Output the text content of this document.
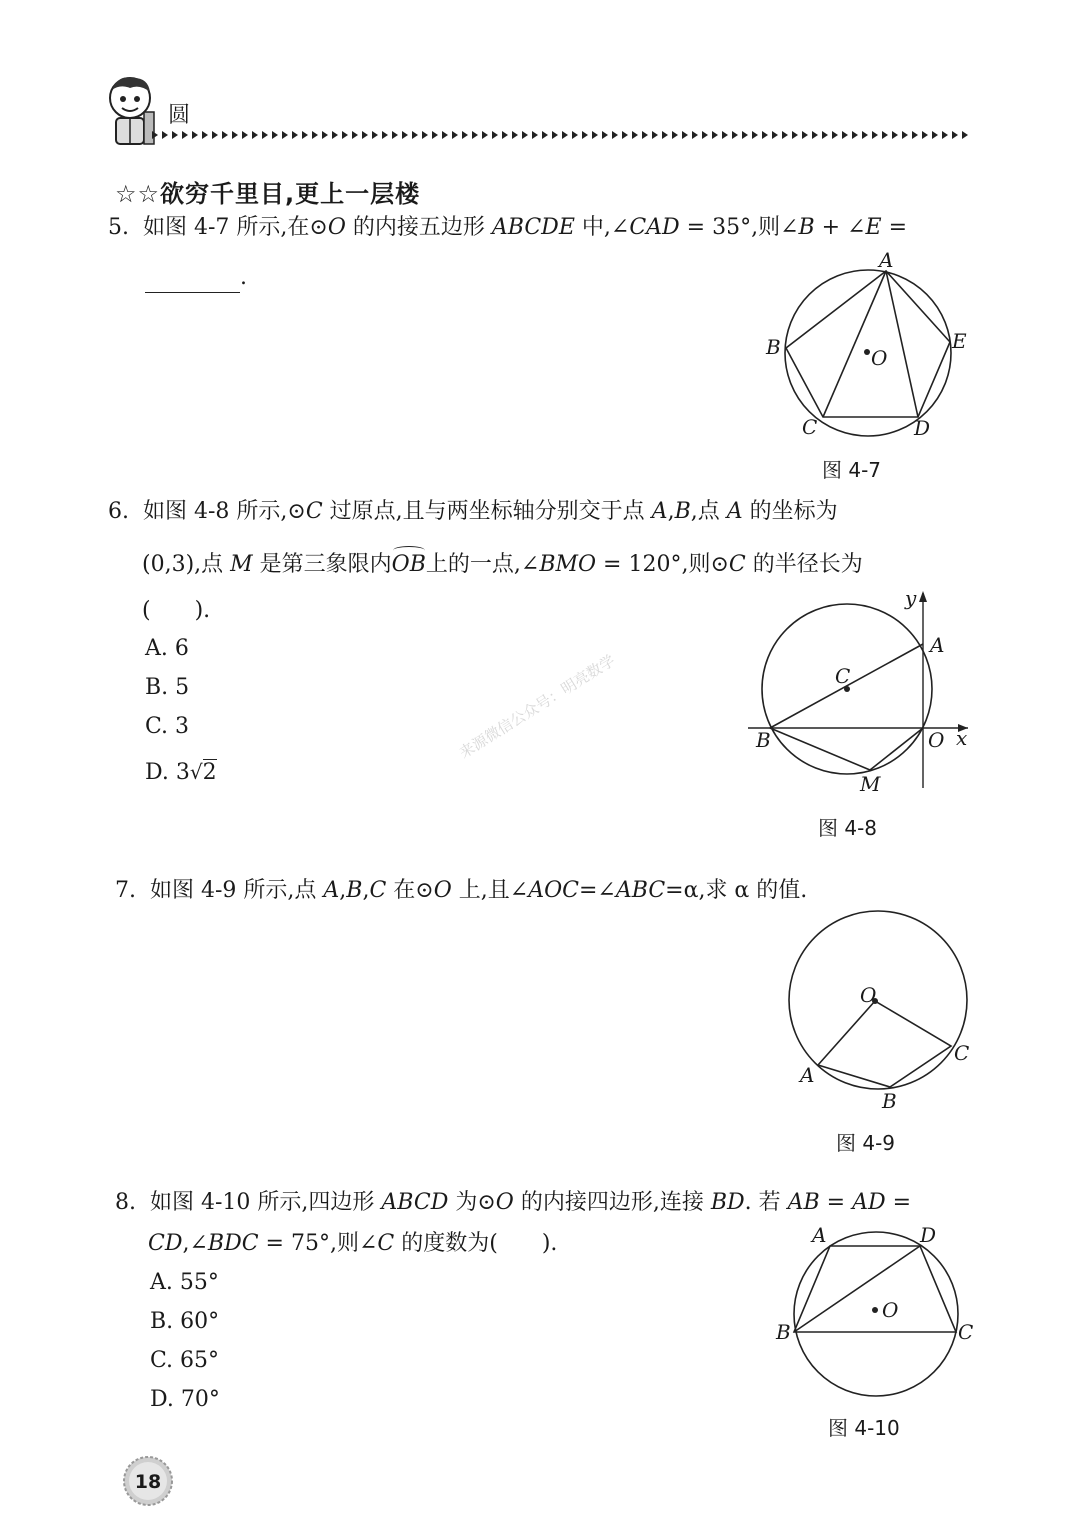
圆
☆☆欲穷千里目,更上一层楼
5. 如图 4-7 所示,在⊙O 的内接五边形 ABCDE 中,∠CAD = 35°,则∠B + ∠E =
.
A
B
C	D
E
O
图 4-7
6. 如图 4-8 所示,⊙C 过原点,且与两坐标轴分别交于点 A,B,点 A 的坐标为
(0,3),点 M 是第三象限内OB上的一点,∠BMO = 120°,则⊙C 的半径长为
(　　).
A. 6
B. 5
C. 3
D. 3√2
y
A
C
B	O x
M
图 4-8
来源微信公众号：明亮数学
7. 如图 4-9 所示,点 A,B,C 在⊙O 上,且∠AOC=∠ABC=α,求 α 的值.
O
A
B
C
图 4-9
8. 如图 4-10 所示,四边形 ABCD 为⊙O 的内接四边形,连接 BD. 若 AB = AD =
CD,∠BDC = 75°,则∠C 的度数为(　　).
A. 55°
B. 60°
C. 65°
D. 70°
A	D
O
B	C
图 4-10
18
